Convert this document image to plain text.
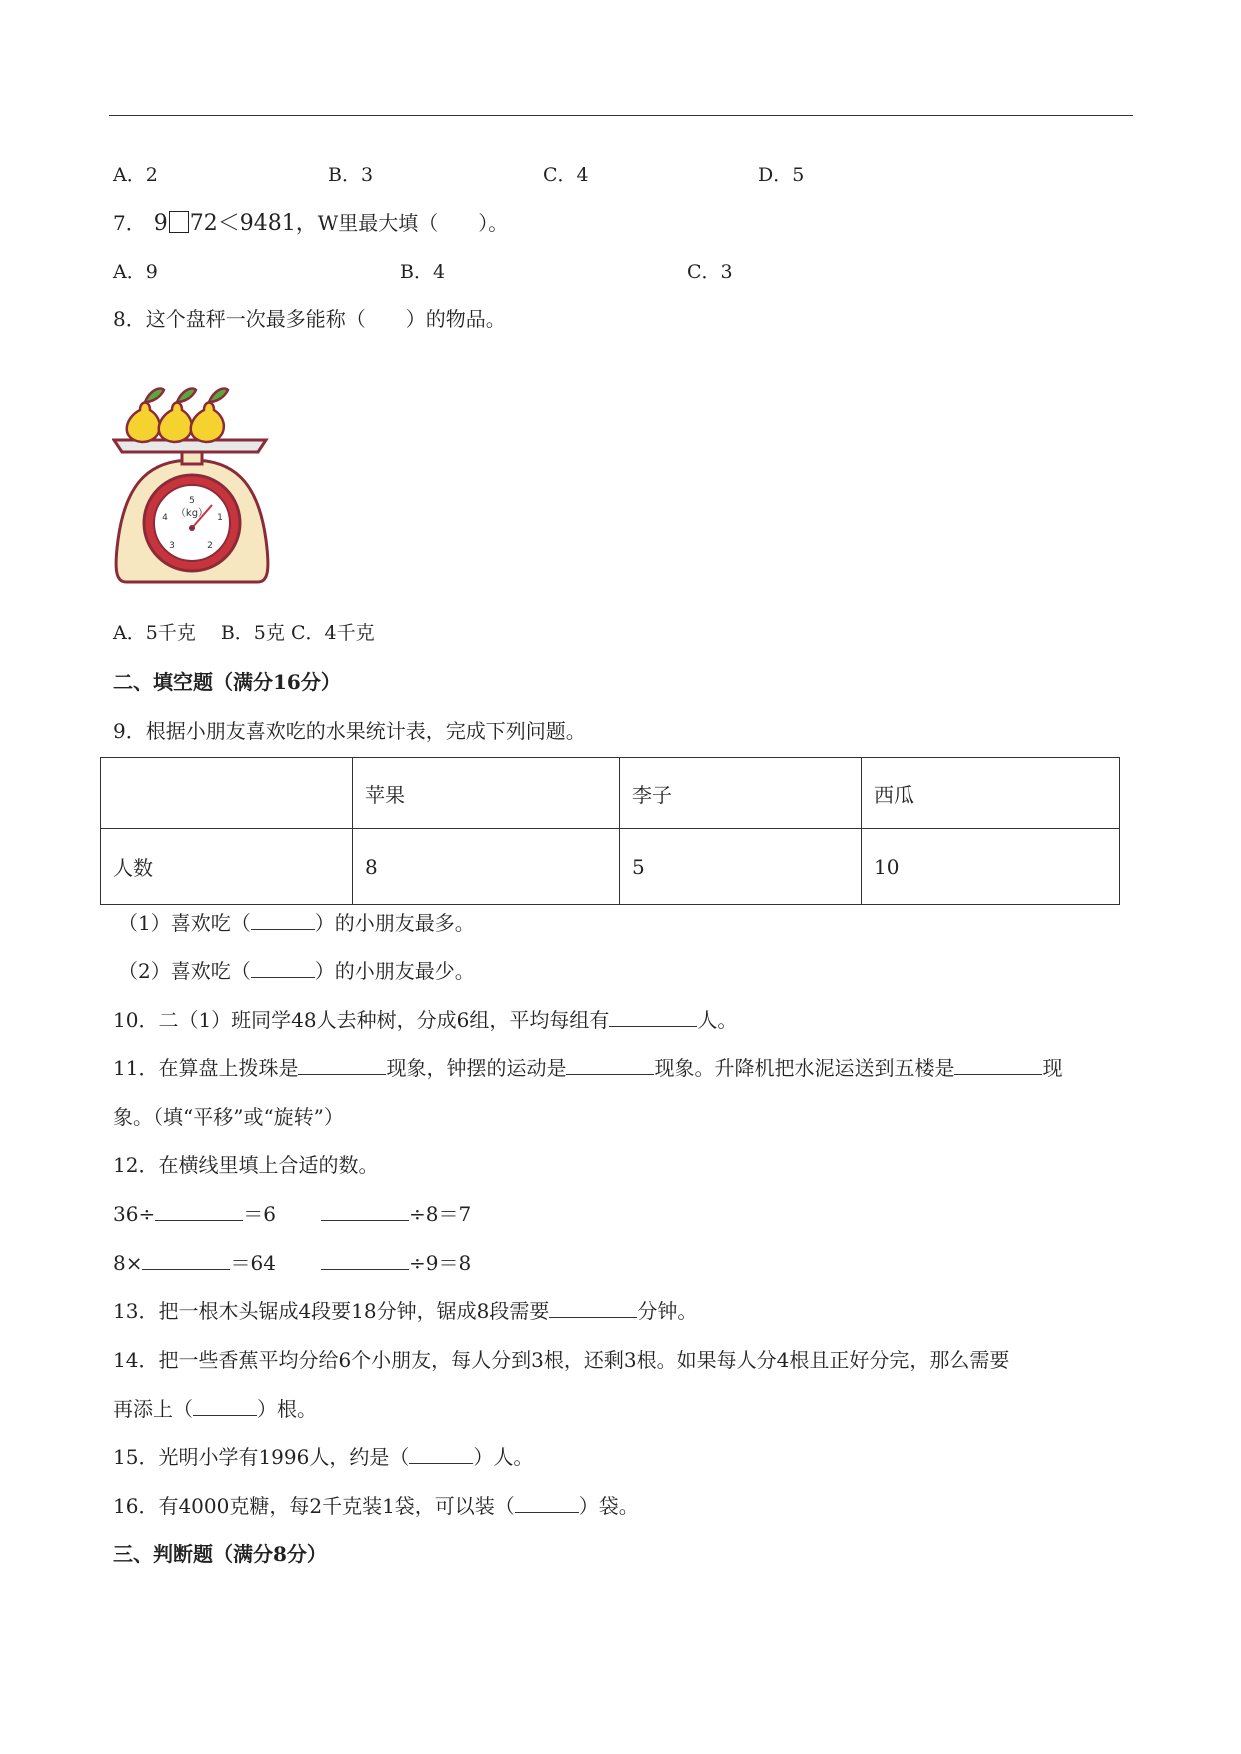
A．2	B．3	C．4	D．5
7． 9 72＜9481，W里最大填（　　）。
A．9	B．4	C．3
8．这个盘秤一次最多能称（　　）的物品。
5
1
2
3
4 （kg）
A．5千克　 B．5克 C．4千克
二、填空题（满分16分）
9．根据小朋友喜欢吃的水果统计表，完成下列问题。
	苹果	李子	西瓜
人数	8	5	10
（1）喜欢吃（	）的小朋友最多。
（2）喜欢吃（	）的小朋友最少。
10．二（1）班同学48人去种树，分成6组，平均每组有	人。
11．在算盘上拨珠是	现象，钟摆的运动是	现象。升降机把水泥运送到五楼是	现
象。（填“平移”或“旋转”）
12．在横线里填上合适的数。
36÷	＝6	÷8＝7
8×	＝64	÷9＝8
13．把一根木头锯成4段要18分钟，锯成8段需要	分钟。
14．把一些香蕉平均分给6个小朋友，每人分到3根，还剩3根。如果每人分4根且正好分完，那么需要
再添上（	）根。
15．光明小学有1996人，约是（	）人。
16．有4000克糖，每2千克装1袋，可以装（	）袋。
三、判断题（满分8分）
